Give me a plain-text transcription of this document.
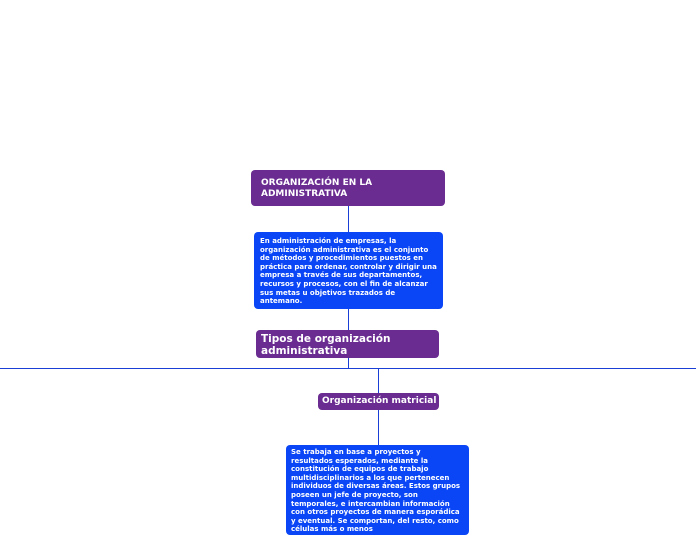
ORGANIZACIÓN EN LA ADMINISTRATIVA
En administración de empresas, la organización administrativa es el conjunto de métodos y procedimientos puestos en práctica para ordenar, controlar y dirigir una empresa a través de sus departamentos, recursos y procesos, con el fin de alcanzar sus metas u objetivos trazados de antemano.
Tipos de organización administrativa
Organización matricial
Se trabaja en base a proyectos y resultados esperados, mediante la constitución de equipos de trabajo multidisciplinarios a los que pertenecen individuos de diversas áreas. Estos grupos poseen un jefe de proyecto, son temporales, e intercambian información con otros proyectos de manera esporádica y eventual. Se comportan, del resto, como células más o menos
